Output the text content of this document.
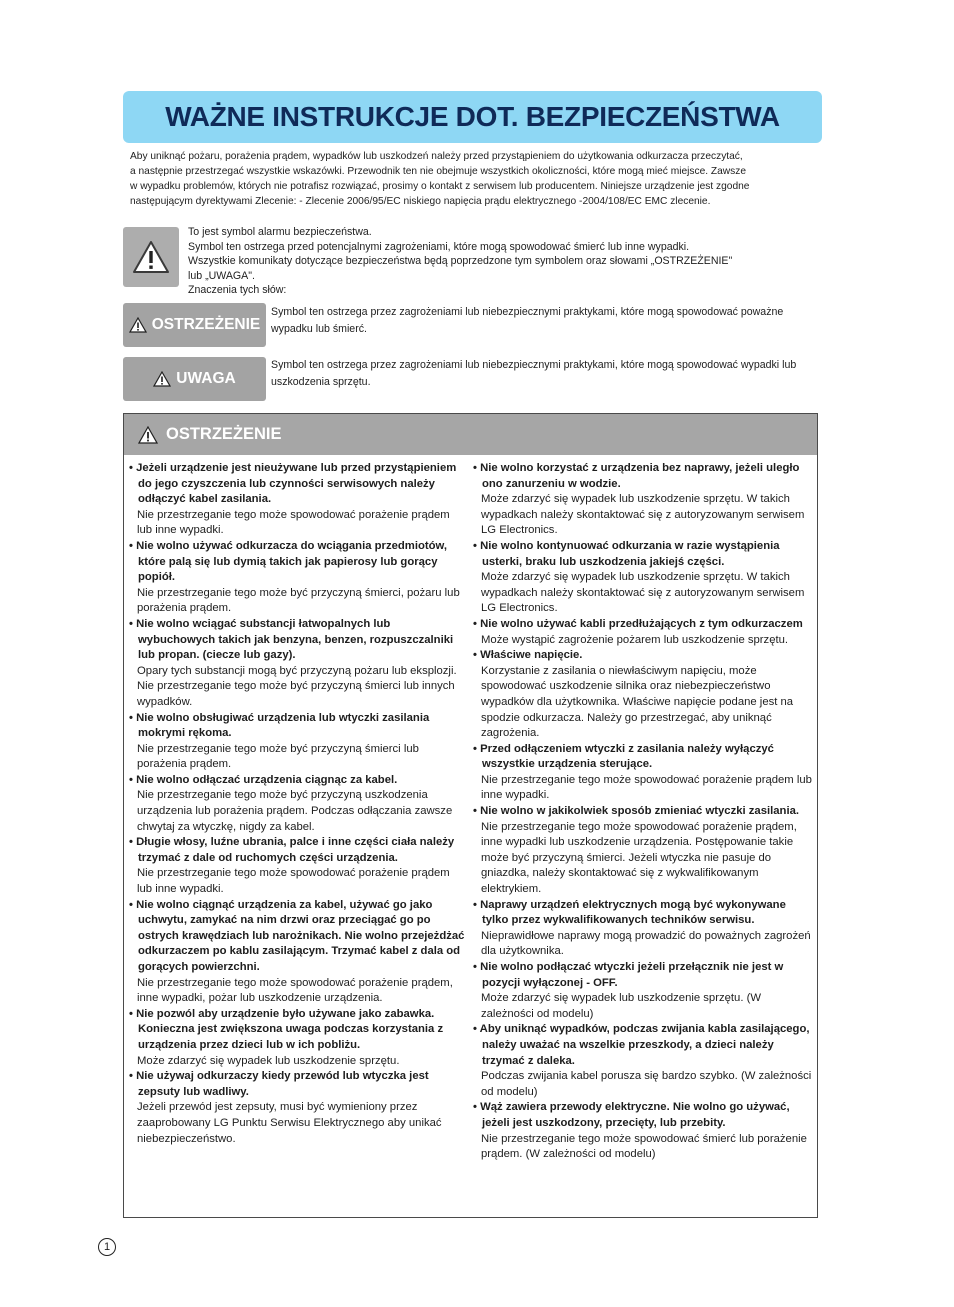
WAŻNE INSTRUKCJE DOT. BEZPIECZEŃSTWA

Aby uniknąć pożaru, porażenia prądem, wypadków lub uszkodzeń należy przed przystąpieniem do użytkowania odkurzacza przeczytać,

a następnie przestrzegać wszystkie wskazówki. Przewodnik ten nie obejmuje wszystkich okoliczności, które mogą mieć miejsce. Zawsze

w wypadku problemów, których nie potrafisz rozwiązać, prosimy o kontakt z serwisem lub producentem. Niniejsze urządzenie jest zgodne

następującym dyrektywami Zlecenie: - Zlecenie 2006/95/EC niskiego napięcia prądu elektrycznego -2004/108/EC EMC zlecenie.

To jest symbol alarmu bezpieczeństwa.

Symbol ten ostrzega przed potencjalnymi zagrożeniami, które mogą spowodować śmierć lub inne wypadki.

Wszystkie komunikaty dotyczące bezpieczeństwa będą poprzedzone tym symbolem oraz słowami „OSTRZEŻENIE"

lub „UWAGA".

Znaczenia tych słów:

OSTRZEŻENIE
Symbol ten ostrzega przez zagrożeniami lub niebezpiecznymi praktykami, które mogą spowodować poważne wypadku lub śmierć.
UWAGA
Symbol ten ostrzega przez zagrożeniami lub niebezpiecznymi praktykami, które mogą spowodować wypadki lub uszkodzenia sprzętu.
OSTRZEŻENIE
• Jeżeli urządzenie jest nieużywane lub przed przystąpieniem do jego czyszczenia lub czynności serwisowych należy odłączyć kabel zasilania.
Nie przestrzeganie tego może spowodować porażenie prądem lub inne wypadki.
• Nie wolno używać odkurzacza do wciągania przedmiotów, które palą się lub dymią takich jak papierosy lub gorący popiół.
Nie przestrzeganie tego może być przyczyną śmierci, pożaru lub porażenia prądem.
• Nie wolno wciągać substancji łatwopalnych lub wybuchowych takich jak benzyna, benzen, rozpuszczalniki lub propan. (ciecze lub gazy).
Opary tych substancji mogą być przyczyną pożaru lub eksplozji. Nie przestrzeganie tego może być przyczyną śmierci lub innych wypadków.
• Nie wolno obsługiwać urządzenia lub wtyczki zasilania mokrymi rękoma.
Nie przestrzeganie tego może być przyczyną śmierci lub porażenia prądem.
• Nie wolno odłączać urządzenia ciągnąc za kabel.
Nie przestrzeganie tego może być przyczyną uszkodzenia urządzenia lub porażenia prądem. Podczas odłączania zawsze chwytaj za wtyczkę, nigdy za kabel.
• Długie włosy, luźne ubrania, palce i inne części ciała należy trzymać z dale od ruchomych części urządzenia.
Nie przestrzeganie tego może spowodować porażenie prądem lub inne wypadki.
• Nie wolno ciągnąć urządzenia za kabel, używać go jako uchwytu, zamykać na nim drzwi oraz przeciągać go po ostrych krawędziach lub narożnikach. Nie wolno przejeżdżać odkurzaczem po kablu zasilającym. Trzymać kabel z dala od gorących powierzchni.
Nie przestrzeganie tego może spowodować porażenie prądem, inne wypadki, pożar lub uszkodzenie urządzenia.
• Nie pozwól aby urządzenie było używane jako zabawka. Konieczna jest zwiększona uwaga podczas korzystania z urządzenia przez dzieci lub w ich pobliżu.
Może zdarzyć się wypadek lub uszkodzenie sprzętu.
• Nie używaj odkurzaczy kiedy przewód lub wtyczka jest zepsuty lub wadliwy.
Jeżeli przewód jest zepsuty, musi być wymieniony przez zaaprobowany LG Punktu Serwisu Elektrycznego aby unikać niebezpieczeństwo.
• Nie wolno korzystać z urządzenia bez naprawy, jeżeli uległo ono zanurzeniu w wodzie.
Może zdarzyć się wypadek lub uszkodzenie sprzętu. W takich wypadkach należy skontaktować się z autoryzowanym serwisem LG Electronics.
• Nie wolno kontynuować odkurzania w razie wystąpienia usterki, braku lub uszkodzenia jakiejś części.
Może zdarzyć się wypadek lub uszkodzenie sprzętu. W takich wypadkach należy skontaktować się z autoryzowanym serwisem LG Electronics.
• Nie wolno używać kabli przedłużających z tym odkurzaczem
Może wystąpić zagrożenie pożarem lub uszkodzenie sprzętu.
• Właściwe napięcie.
Korzystanie z zasilania o niewłaściwym napięciu, może spowodować uszkodzenie silnika oraz niebezpieczeństwo wypadków dla użytkownika. Właściwe napięcie podane jest na spodzie odkurzacza. Należy go przestrzegać, aby uniknąć zagrożenia.
• Przed odłączeniem wtyczki z zasilania należy wyłączyć wszystkie urządzenia sterujące.
Nie przestrzeganie tego może spowodować porażenie prądem lub inne wypadki.
• Nie wolno w jakikolwiek sposób zmieniać wtyczki zasilania.
Nie przestrzeganie tego może spowodować porażenie prądem, inne wypadki lub uszkodzenie urządzenia. Postępowanie takie może być przyczyną śmierci. Jeżeli wtyczka nie pasuje do gniazdka, należy skontaktować się z wykwalifikowanym elektrykiem.
• Naprawy urządzeń elektrycznych mogą być wykonywane tylko przez wykwalifikowanych techników serwisu.
Nieprawidłowe naprawy mogą prowadzić do poważnych zagrożeń dla użytkownika.
• Nie wolno podłączać wtyczki jeżeli przełącznik nie jest w pozycji wyłączonej - OFF.
Może zdarzyć się wypadek lub uszkodzenie sprzętu. (W zależności od modelu)
• Aby uniknąć wypadków, podczas zwijania kabla zasilającego, należy uważać na wszelkie przeszkody, a dzieci należy trzymać z daleka.
Podczas zwijania kabel porusza się bardzo szybko. (W zależności od modelu)
• Wąż zawiera przewody elektryczne. Nie wolno go używać, jeżeli jest uszkodzony, przecięty, lub przebity.
Nie przestrzeganie tego może spowodować śmierć lub porażenie prądem. (W zależności od modelu)
1
